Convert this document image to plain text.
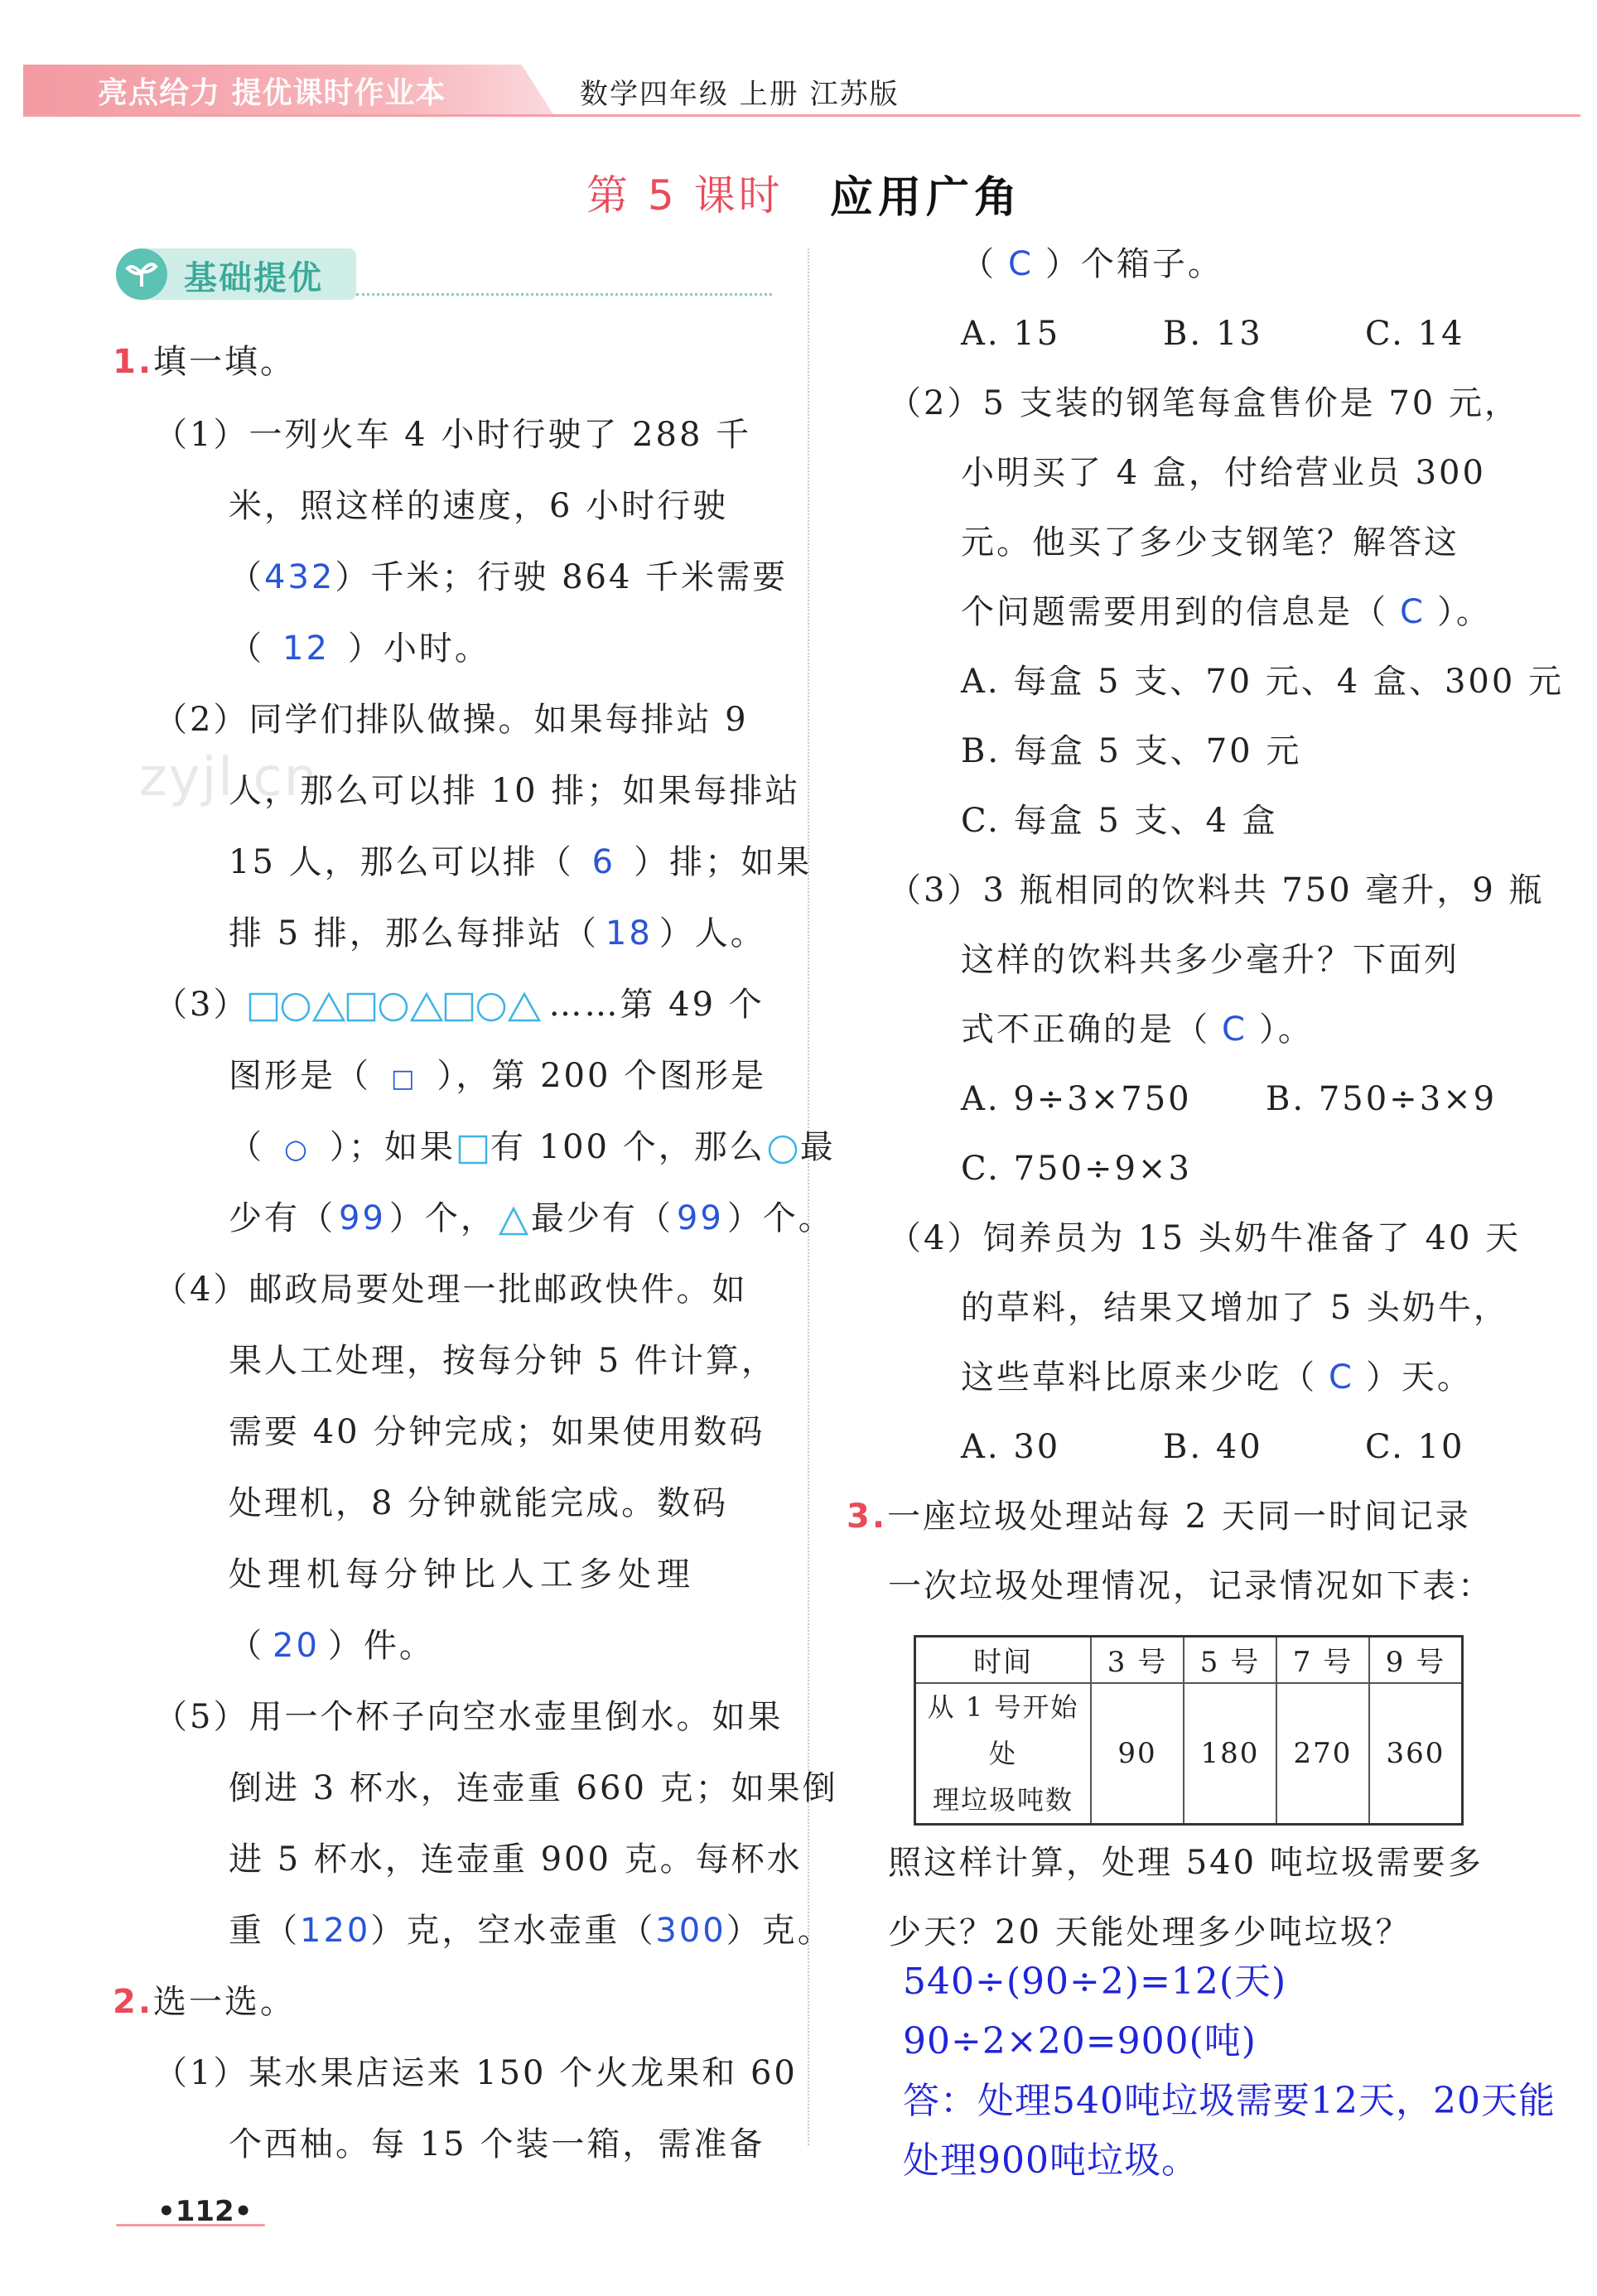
亮点给力 提优课时作业本	数学四年级 上册 江苏版
第 5 课时 应用广角
基础提优
zyjl.cn
1.填一填。
（1）一列火车 4 小时行驶了 288 千
米，照这样的速度，6 小时行驶
（432）千米；行驶 864 千米需要
（ 12 ）小时。
（2）同学们排队做操。如果每排站 9
人，那么可以排 10 排；如果每排站
15 人，那么可以排（ 6 ）排；如果
排 5 排，那么每排站（ 18 ）人。
（3）	……第 49 个
图形是（ □ ），第 200 个图形是
（ ○ ）；如果 有 100 个，那么 最
少有（ 99 ）个， 最少有（ 99 ）个。
（4）邮政局要处理一批邮政快件。如
果人工处理，按每分钟 5 件计算，
需要 40 分钟完成；如果使用数码
处理机，8 分钟就能完成。数码
处理机每分钟比人工多处理
（ 20 ）件。
（5）用一个杯子向空水壶里倒水。如果
倒进 3 杯水，连壶重 660 克；如果倒
进 5 杯水，连壶重 900 克。每杯水
重（120）克，空水壶重（300）克。
2.选一选。
（1）某水果店运来 150 个火龙果和 60
个西柚。每 15 个装一箱，需准备
•112•
（ C ）个箱子。
A. 15	B. 13	C. 14
（2）5 支装的钢笔每盒售价是 70 元，
小明买了 4 盒，付给营业员 300
元。他买了多少支钢笔？解答这
个问题需要用到的信息是（ C ）。
A. 每盒 5 支、70 元、4 盒、300 元
B. 每盒 5 支、70 元
C. 每盒 5 支、4 盒
（3）3 瓶相同的饮料共 750 毫升，9 瓶
这样的饮料共多少毫升？下面列
式不正确的是（ C ）。
A. 9÷3×750 B. 750÷3×9
C. 750÷9×3
（4）饲养员为 15 头奶牛准备了 40 天
的草料，结果又增加了 5 头奶牛，
这些草料比原来少吃（ C ）天。
A. 30	B. 40	C. 10
3.一座垃圾处理站每 2 天同一时间记录
一次垃圾处理情况，记录情况如下表：
时间	3 号	5 号	7 号	9 号

从 1 号开始处
理垃圾吨数	90	180	270	360
照这样计算，处理 540 吨垃圾需要多
少天？20 天能处理多少吨垃圾？
540÷(90÷2)=12(天)
90÷2×20=900(吨)
答：处理540吨垃圾需要12天，20天能
处理900吨垃圾。
